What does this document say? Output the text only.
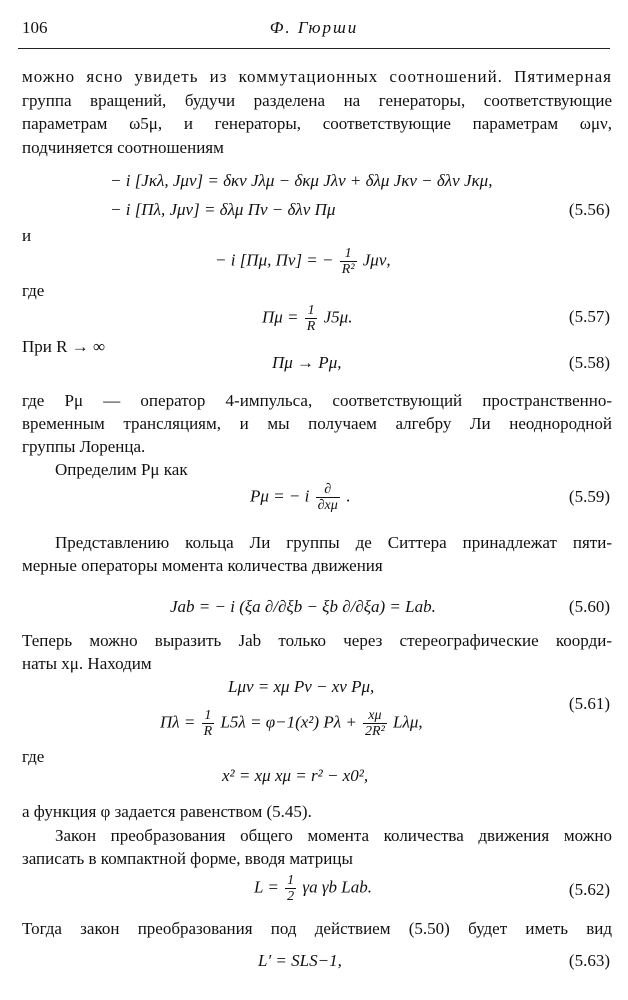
106	Ф. Гюрши
можно ясно увидеть из коммутационных соотношений. Пятимерная
группа вращений, будучи разделена на генераторы, соответствующие
параметрам ω5μ, и генераторы, соответствующие параметрам ωμν,
подчиняется соотношениям
− i [Jκλ, Jμν] = δκν Jλμ − δκμ Jλν + δλμ Jκν − δλν Jκμ,
− i [Πλ, Jμν] = δλμ Πν − δλν Πμ	(5.56)
и
− i [Πμ, Πν] = − $\frac{1}{\text{R²}} J\mu\nu$,
где
$\Pi\mu = \frac{1}{R} J5\mu$.	(5.57)
При R → ∞
Πμ → Pμ,	(5.58)
где Pμ — оператор 4-импульса, соответствующий пространственно-
временным трансляциям, и мы получаем алгебру Ли неоднородной
группы Лоренца.
Определим Pμ как
Pμ = − i $\frac{\partial}{\partial x\mu}$ .	(5.59)
Представлению кольца Ли группы де Ситтера принадлежат пяти-
мерные операторы момента количества движения
Jab = − i (ξa ∂/∂ξb − ξb ∂/∂ξa) = Lab.	(5.60)
Теперь можно выразить Jab только через стереографические коорди-
наты xμ. Находим
Lμν = xμ Pν − xν Pμ,
$\Pi\lambda = \frac{1}{R} L5\lambda = \varphi-1(x^2) P\lambda + \frac{x\mu}{\text{2R²}} L\lambda\mu$,
(5.61)
где
x² = xμ xμ = r² − x0²,
а функция φ задается равенством (5.45).
Закон преобразования общего момента количества движения можно
записать в компактной форме, вводя матрицы
$L = \frac{1}{2}$ γa γb Lab.	(5.62)
Тогда закон преобразования под действием (5.50) будет иметь вид
L′ = SLS−1,	(5.63)
